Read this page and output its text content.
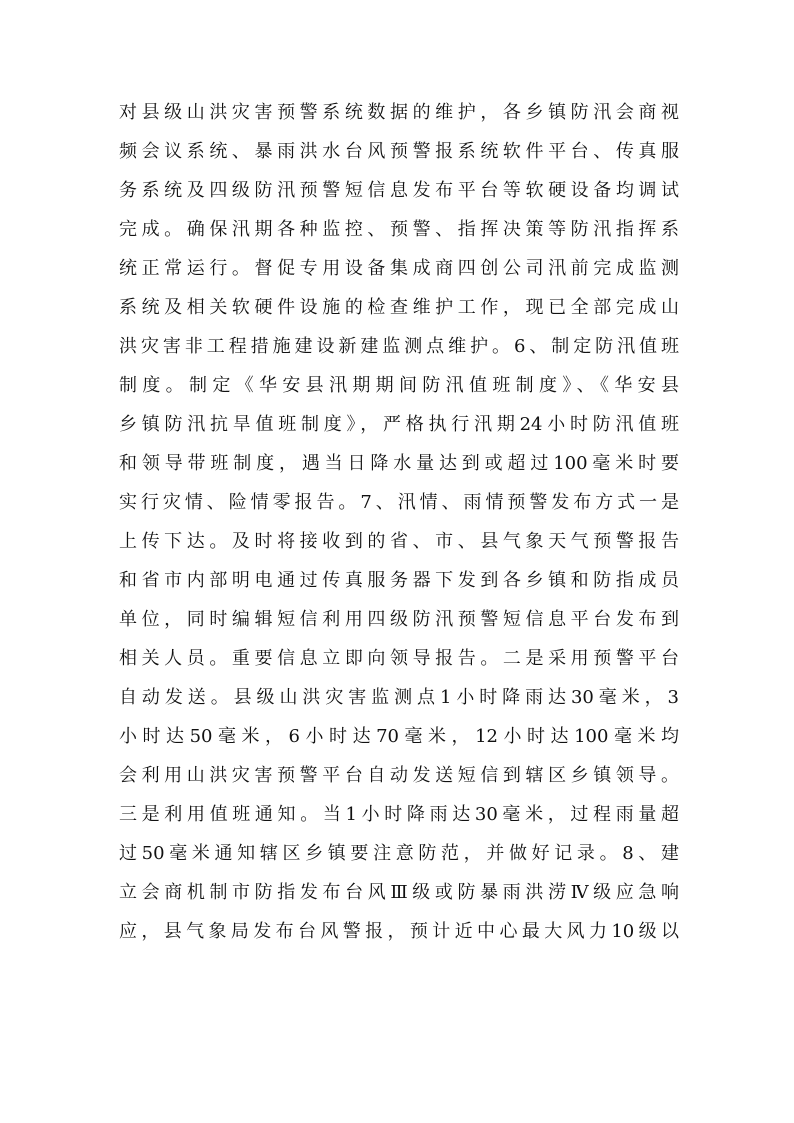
对县级山洪灾害预警系统数据的维护，各乡镇防汛会商视
频会议系统、暴雨洪水台风预警报系统软件平台、传真服
务系统及四级防汛预警短信息发布平台等软硬设备均调试
完成。确保汛期各种监控、预警、指挥决策等防汛指挥系
统正常运行。督促专用设备集成商四创公司汛前完成监测
系统及相关软硬件设施的检查维护工作，现已全部完成山
洪灾害非工程措施建设新建监测点维护。6、制定防汛值班
制度。制定《华安县汛期期间防汛值班制度》、《华安县
乡镇防汛抗旱值班制度》，严格执行汛期24小时防汛值班
和领导带班制度，遇当日降水量达到或超过100毫米时要
实行灾情、险情零报告。7、汛情、雨情预警发布方式一是
上传下达。及时将接收到的省、市、县气象天气预警报告
和省市内部明电通过传真服务器下发到各乡镇和防指成员
单位，同时编辑短信利用四级防汛预警短信息平台发布到
相关人员。重要信息立即向领导报告。二是采用预警平台
自动发送。县级山洪灾害监测点1小时降雨达30毫米，3
小时达50毫米，6小时达70毫米，12小时达100毫米均
会利用山洪灾害预警平台自动发送短信到辖区乡镇领导。
三是利用值班通知。当1小时降雨达30毫米，过程雨量超
过50毫米通知辖区乡镇要注意防范，并做好记录。8、建
立会商机制市防指发布台风Ⅲ级或防暴雨洪涝Ⅳ级应急响
应，县气象局发布台风警报，预计近中心最大风力10级以
